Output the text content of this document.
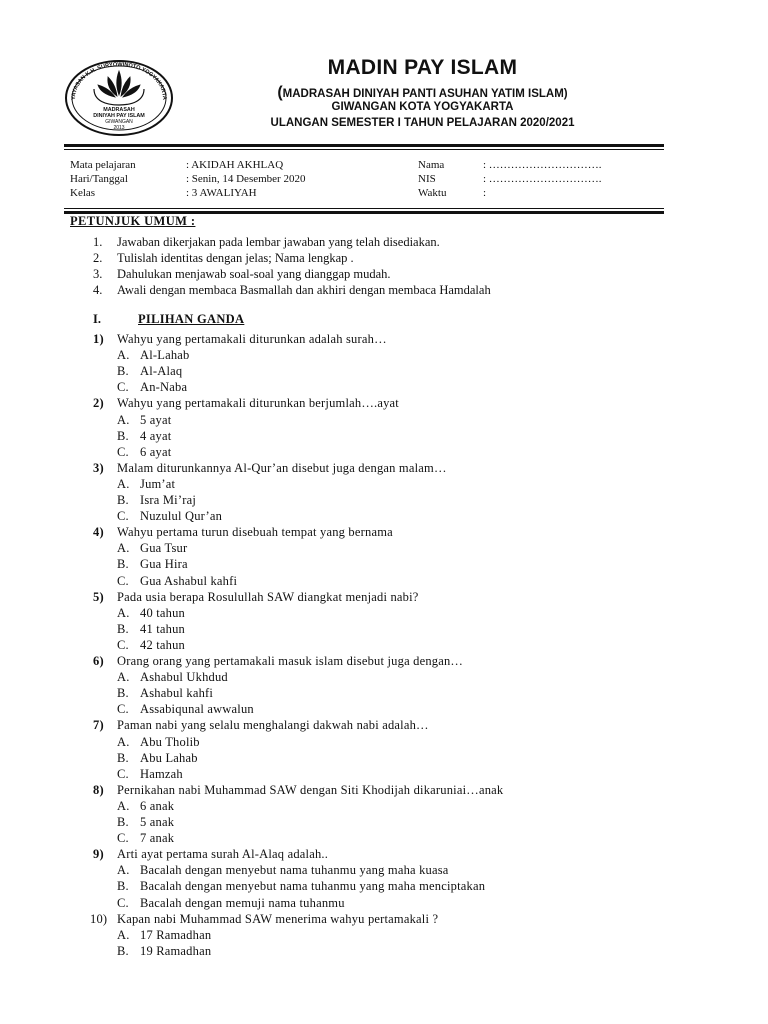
YAYASAN K.H. SURYOWINOTO YOGYAKARTA
MADRASAH
DINIYAH PAY ISLAM
GIWANGAN
2013
MADIN PAY ISLAM
(MADRASAH DINIYAH PANTI ASUHAN YATIM ISLAM)
GIWANGAN KOTA YOGYAKARTA
ULANGAN SEMESTER I TAHUN PELAJARAN 2020/2021
Mata pelajaran	: AKIDAH AKHLAQ	Nama	: ………………………….
Hari/Tanggal	: Senin, 14 Desember 2020	NIS	: ………………………….
Kelas	: 3 AWALIYAH	Waktu	:
PETUNJUK UMUM :
1. Jawaban dikerjakan pada lembar jawaban yang telah disediakan.
2. Tulislah identitas dengan jelas; Nama lengkap .
3. Dahulukan menjawab soal-soal yang dianggap mudah.
4. Awali dengan membaca Basmallah dan akhiri dengan membaca Hamdalah
I.	PILIHAN GANDA
1) Wahyu yang pertamakali diturunkan adalah surah…
A. Al-Lahab
B. Al-Alaq
C. An-Naba
2) Wahyu yang pertamakali diturunkan berjumlah….ayat
A. 5 ayat
B. 4 ayat
C. 6 ayat
3) Malam diturunkannya Al-Qur’an disebut juga dengan malam…
A. Jum’at
B. Isra Mi’raj
C. Nuzulul Qur’an
4) Wahyu pertama turun disebuah tempat yang bernama
A. Gua Tsur
B. Gua Hira
C. Gua Ashabul kahfi
5) Pada usia berapa Rosulullah SAW diangkat menjadi nabi?
A. 40 tahun
B. 41 tahun
C. 42 tahun
6) Orang orang yang pertamakali masuk islam disebut juga dengan…
A. Ashabul Ukhdud
B. Ashabul kahfi
C. Assabiqunal awwalun
7) Paman nabi yang selalu menghalangi dakwah nabi adalah…
A. Abu Tholib
B. Abu Lahab
C. Hamzah
8) Pernikahan nabi Muhammad SAW dengan Siti Khodijah dikaruniai…anak
A. 6 anak
B. 5 anak
C. 7 anak
9) Arti ayat pertama surah Al-Alaq adalah..
A. Bacalah dengan menyebut nama tuhanmu yang maha kuasa
B. Bacalah dengan menyebut nama tuhanmu yang maha menciptakan
C. Bacalah dengan memuji nama tuhanmu
10) Kapan nabi Muhammad SAW menerima wahyu pertamakali ?
A. 17 Ramadhan
B. 19 Ramadhan
